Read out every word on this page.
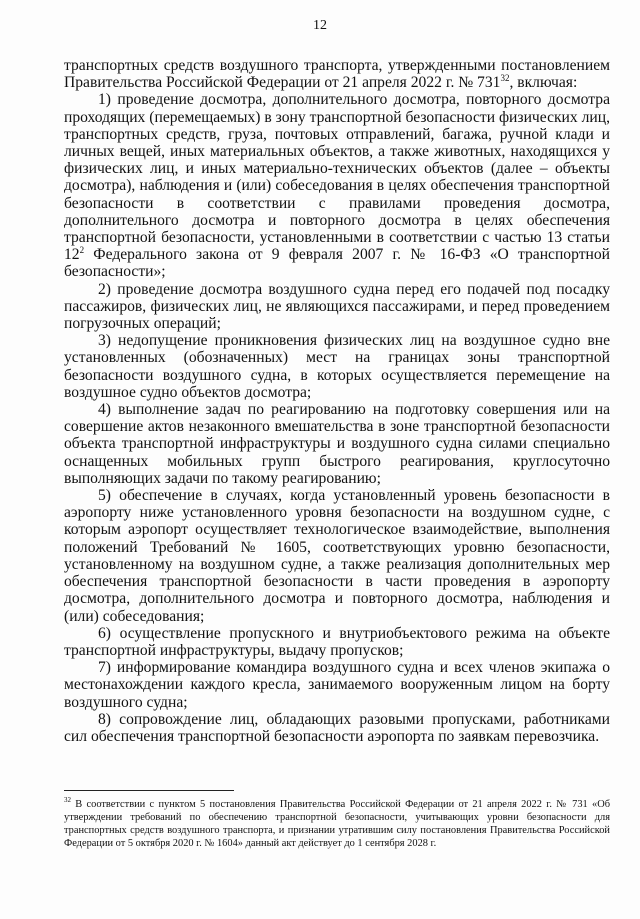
12

транспортных средств воздушного транспорта, утвержденными постановлением Правительства Российской Федерации от 21 апреля 2022 г. № $731^{32}$, включая:

1) проведение досмотра, дополнительного досмотра, повторного досмотра проходящих (перемещаемых) в зону транспортной безопасности физических лиц, транспортных средств, груза, почтовых отправлений, багажа, ручной клади и личных вещей, иных материальных объектов, а также животных, находящихся у физических лиц, и иных материально-технических объектов (далее – объекты досмотра), наблюдения и (или) собеседования в целях обеспечения транспортной безопасности в соответствии с правилами проведения досмотра, дополнительного досмотра и повторного досмотра в целях обеспечения транспортной безопасности, установленными в соответствии с частью 13 статьи $12^2$ Федерального закона от 9 февраля 2007 г. № 16-ФЗ «О транспортной безопасности»;

2) проведение досмотра воздушного судна перед его подачей под посадку пассажиров, физических лиц, не являющихся пассажирами, и перед проведением погрузочных операций;

3) недопущение проникновения физических лиц на воздушное судно вне установленных (обозначенных) мест на границах зоны транспортной безопасности воздушного судна, в которых осуществляется перемещение на воздушное судно объектов досмотра;

4) выполнение задач по реагированию на подготовку совершения или на совершение актов незаконного вмешательства в зоне транспортной безопасности объекта транспортной инфраструктуры и воздушного судна силами специально оснащенных мобильных групп быстрого реагирования, круглосуточно выполняющих задачи по такому реагированию;

5) обеспечение в случаях, когда установленный уровень безопасности в аэропорту ниже установленного уровня безопасности на воздушном судне, с которым аэропорт осуществляет технологическое взаимодействие, выполнения положений Требований № 1605, соответствующих уровню безопасности, установленному на воздушном судне, а также реализация дополнительных мер обеспечения транспортной безопасности в части проведения в аэропорту досмотра, дополнительного досмотра и повторного досмотра, наблюдения и (или) собеседования;

6) осуществление пропускного и внутриобъектового режима на объекте транспортной инфраструктуры, выдачу пропусков;

7) информирование командира воздушного судна и всех членов экипажа о местонахождении каждого кресла, занимаемого вооруженным лицом на борту воздушного судна;

8) сопровождение лиц, обладающих разовыми пропусками, работниками сил обеспечения транспортной безопасности аэропорта по заявкам перевозчика.

$^{32}$ В соответствии с пунктом 5 постановления Правительства Российской Федерации от 21 апреля 2022 г. № 731 «Об утверждении требований по обеспечению транспортной безопасности, учитывающих уровни безопасности для транспортных средств воздушного транспорта, и признании утратившим силу постановления Правительства Российской Федерации от 5 октября 2020 г. № 1604» данный акт действует до 1 сентября 2028 г.
